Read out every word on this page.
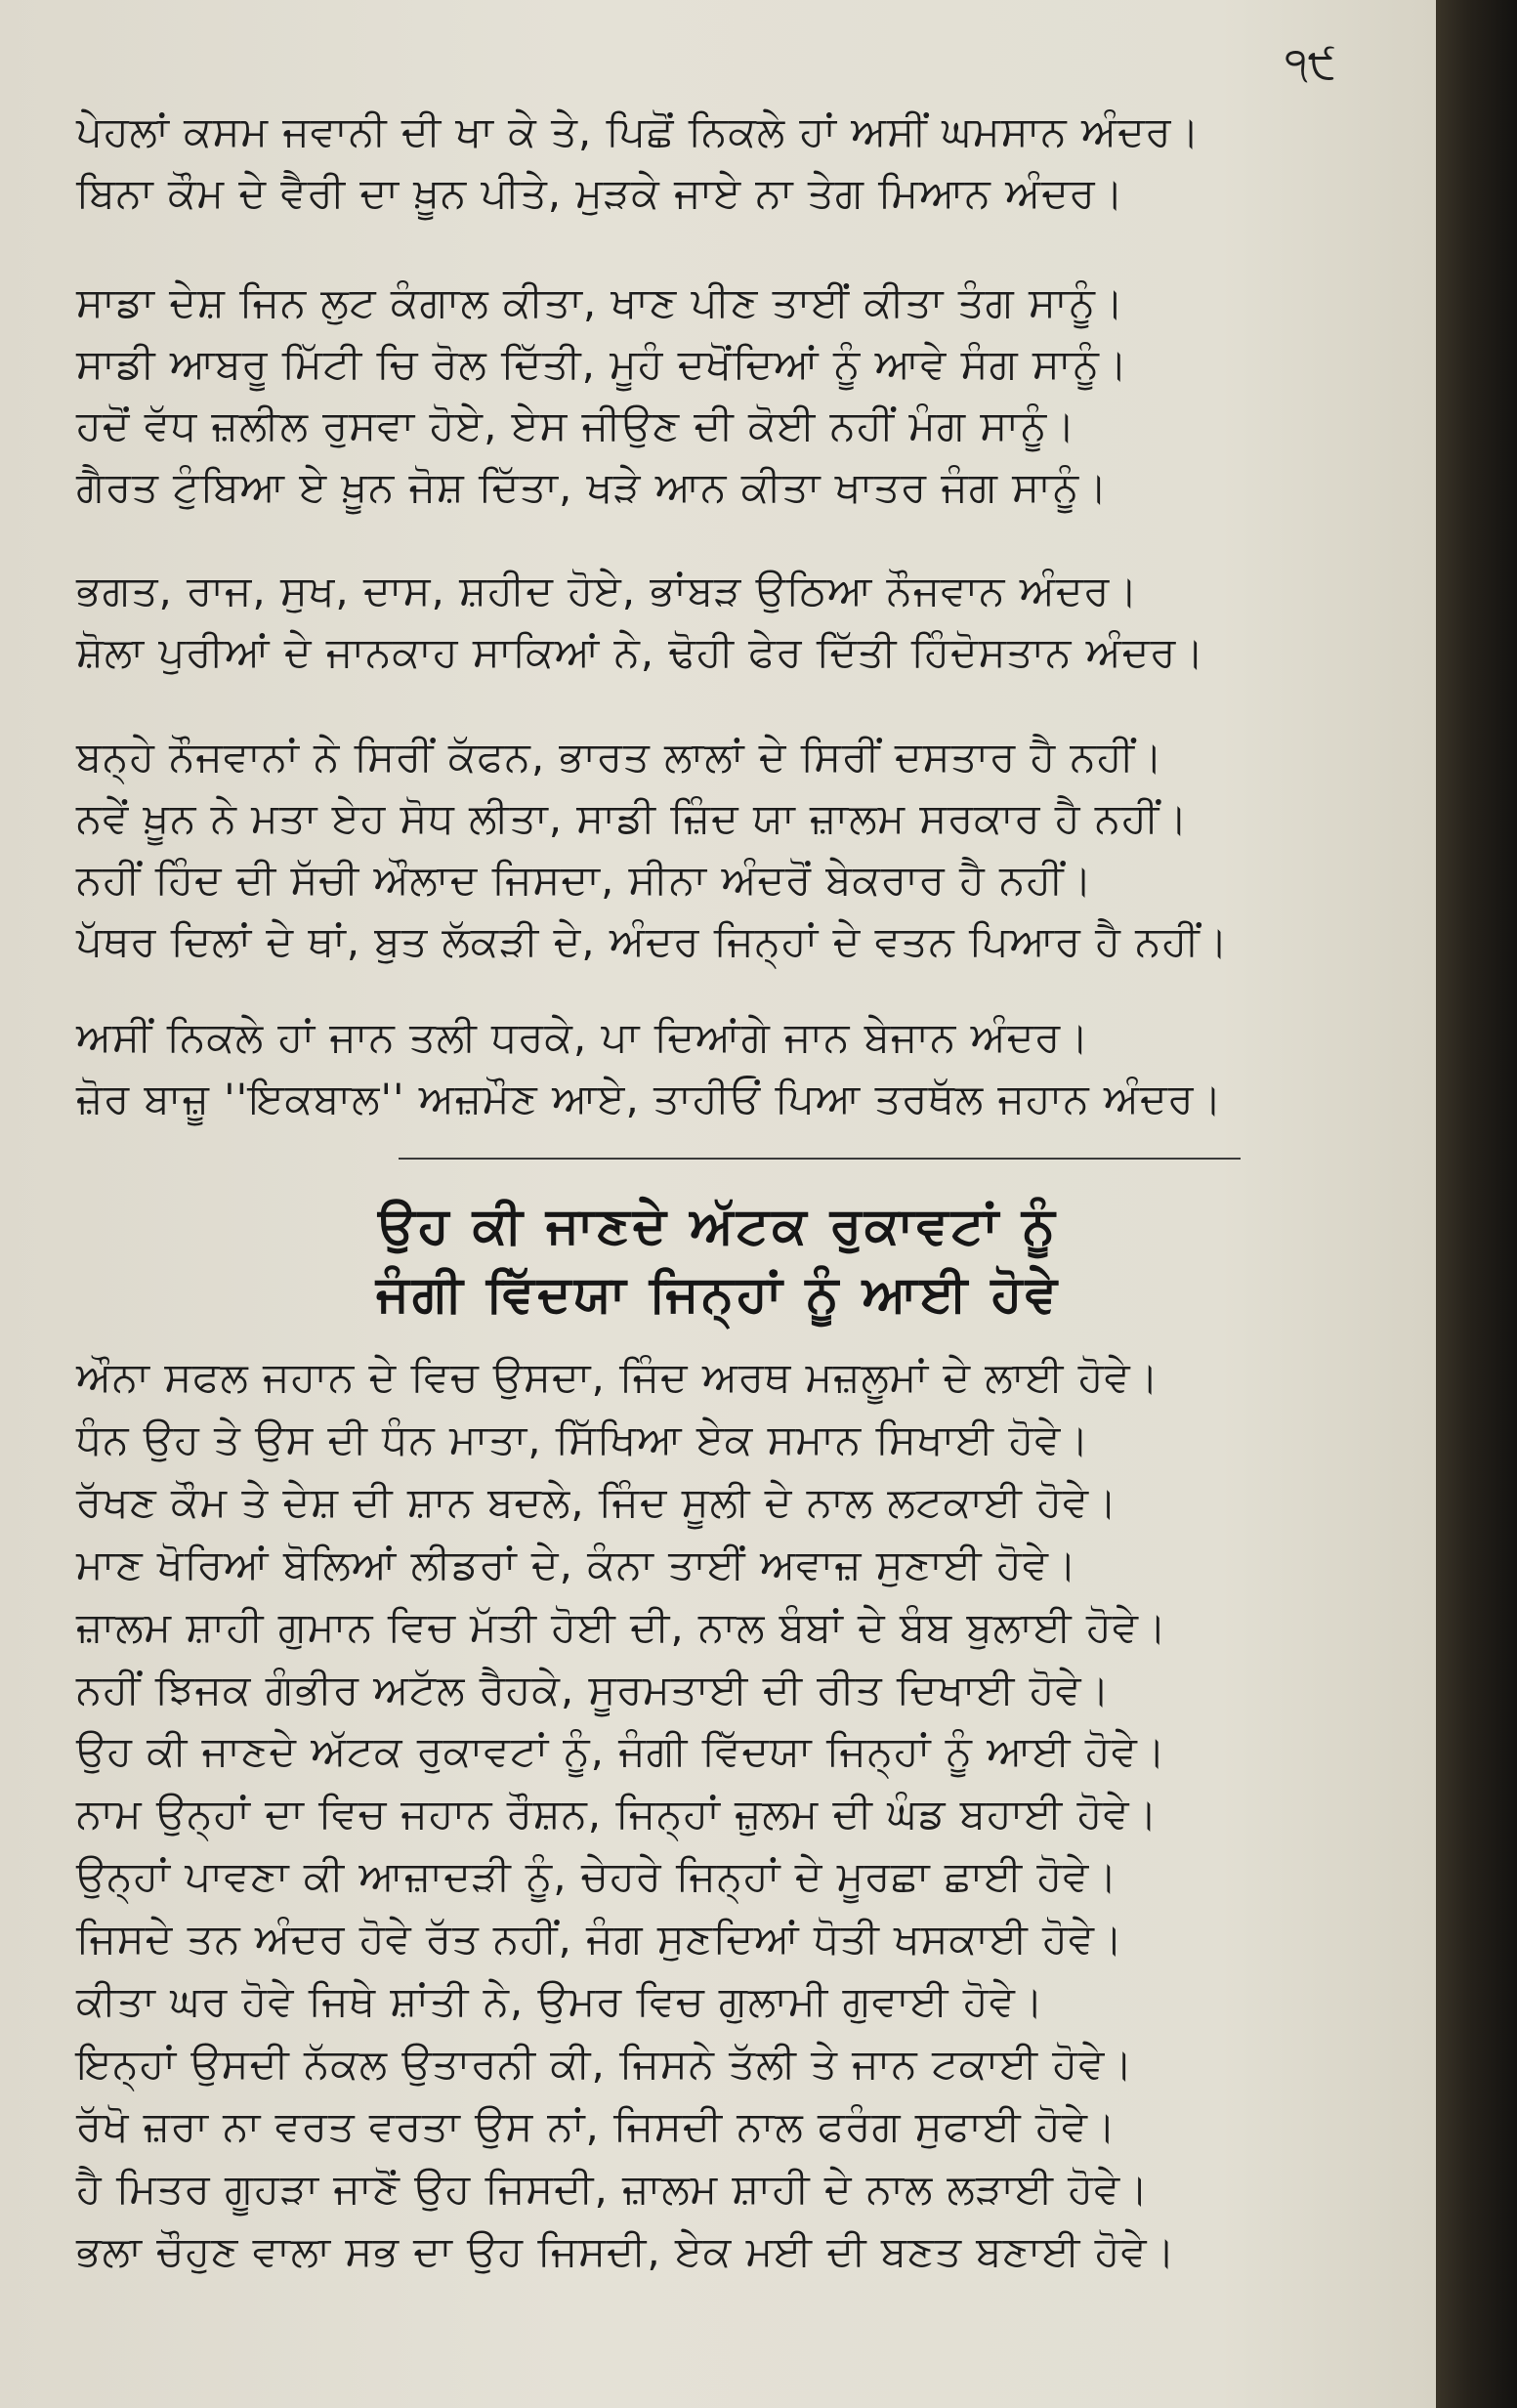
੧੯
ਪੇਹਲਾਂ ਕਸਮ ਜਵਾਨੀ ਦੀ ਖਾ ਕੇ ਤੇ, ਪਿਛੋਂ ਨਿਕਲੇ ਹਾਂ ਅਸੀਂ ਘਮਸਾਨ ਅੰਦਰ।
ਬਿਨਾ ਕੌਮ ਦੇ ਵੈਰੀ ਦਾ ਖ਼ੂਨ ਪੀਤੇ, ਮੁੜਕੇ ਜਾਏ ਨਾ ਤੇਗ ਮਿਆਨ ਅੰਦਰ।
ਸਾਡਾ ਦੇਸ਼ ਜਿਨ ਲੁਟ ਕੰਗਾਲ ਕੀਤਾ, ਖਾਣ ਪੀਣ ਤਾਈਂ ਕੀਤਾ ਤੰਗ ਸਾਨੂੰ।
ਸਾਡੀ ਆਬਰੂ ਮਿੱਟੀ ਚਿ ਰੋਲ ਦਿੱਤੀ, ਮੂਹੰ ਦਖੋਂਦਿਆਂ ਨੂੰ ਆਵੇ ਸੰਗ ਸਾਨੂੰ।
ਹਦੋਂ ਵੱਧ ਜ਼ਲੀਲ ਰੁਸਵਾ ਹੋਏ, ਏਸ ਜੀਉਣ ਦੀ ਕੋਈ ਨਹੀਂ ਮੰਗ ਸਾਨੂੰ।
ਗੈਰਤ ਟੁੰਬਿਆ ਏ ਖ਼ੂਨ ਜੋਸ਼ ਦਿੱਤਾ, ਖੜੇ ਆਨ ਕੀਤਾ ਖਾਤਰ ਜੰਗ ਸਾਨੂੰ।
ਭਗਤ, ਰਾਜ, ਸੁਖ, ਦਾਸ, ਸ਼ਹੀਦ ਹੋਏ, ਭਾਂਬੜ ਉਠਿਆ ਨੌਜਵਾਨ ਅੰਦਰ।
ਸ਼ੋਲਾ ਪੁਰੀਆਂ ਦੇ ਜਾਨਕਾਹ ਸਾਕਿਆਂ ਨੇ, ਢੋਹੀ ਫੇਰ ਦਿੱਤੀ ਹਿੰਦੋਸਤਾਨ ਅੰਦਰ।
ਬਨ੍ਹੇ ਨੌਜਵਾਨਾਂ ਨੇ ਸਿਰੀਂ ਕੱਫਨ, ਭਾਰਤ ਲਾਲਾਂ ਦੇ ਸਿਰੀਂ ਦਸਤਾਰ ਹੈ ਨਹੀਂ।
ਨਵੇਂ ਖ਼ੂਨ ਨੇ ਮਤਾ ਏਹ ਸੋਧ ਲੀਤਾ, ਸਾਡੀ ਜ਼ਿੰਦ ਯਾ ਜ਼ਾਲਮ ਸਰਕਾਰ ਹੈ ਨਹੀਂ।
ਨਹੀਂ ਹਿੰਦ ਦੀ ਸੱਚੀ ਔਲਾਦ ਜਿਸਦਾ, ਸੀਨਾ ਅੰਦਰੋਂ ਬੇਕਰਾਰ ਹੈ ਨਹੀਂ।
ਪੱਥਰ ਦਿਲਾਂ ਦੇ ਥਾਂ, ਬੁਤ ਲੱਕੜੀ ਦੇ, ਅੰਦਰ ਜਿਨ੍ਹਾਂ ਦੇ ਵਤਨ ਪਿਆਰ ਹੈ ਨਹੀਂ।
ਅਸੀਂ ਨਿਕਲੇ ਹਾਂ ਜਾਨ ਤਲੀ ਧਰਕੇ, ਪਾ ਦਿਆਂਗੇ ਜਾਨ ਬੇਜਾਨ ਅੰਦਰ।
ਜ਼ੋਰ ਬਾਜ਼ੂ ''ਇਕਬਾਲ'' ਅਜ਼ਮੌਣ ਆਏ, ਤਾਹੀਓਂ ਪਿਆ ਤਰਥੱਲ ਜਹਾਨ ਅੰਦਰ।
ਉਹ ਕੀ ਜਾਣਦੇ ਅੱਟਕ ਰੁਕਾਵਟਾਂ ਨੂੰ
ਜੰਗੀ ਵਿੱਦਯਾ ਜਿਨ੍ਹਾਂ ਨੂੰ ਆਈ ਹੋਵੇ
ਔਨਾ ਸਫਲ ਜਹਾਨ ਦੇ ਵਿਚ ਉਸਦਾ, ਜਿੰਦ ਅਰਥ ਮਜ਼ਲੂਮਾਂ ਦੇ ਲਾਈ ਹੋਵੇ।
ਧੰਨ ਉਹ ਤੇ ਉਸ ਦੀ ਧੰਨ ਮਾਤਾ, ਸਿੱਖਿਆ ਏਕ ਸਮਾਨ ਸਿਖਾਈ ਹੋਵੇ।
ਰੱਖਣ ਕੌਮ ਤੇ ਦੇਸ਼ ਦੀ ਸ਼ਾਨ ਬਦਲੇ, ਜਿੰਦ ਸੂਲੀ ਦੇ ਨਾਲ ਲਟਕਾਈ ਹੋਵੇ।
ਮਾਣ ਖੋਰਿਆਂ ਬੋਲਿਆਂ ਲੀਡਰਾਂ ਦੇ, ਕੰਨਾ ਤਾਈਂ ਅਵਾਜ਼ ਸੁਣਾਈ ਹੋਵੇ।
ਜ਼ਾਲਮ ਸ਼ਾਹੀ ਗੁਮਾਨ ਵਿਚ ਮੱਤੀ ਹੋਈ ਦੀ, ਨਾਲ ਬੰਬਾਂ ਦੇ ਬੰਬ ਬੁਲਾਈ ਹੋਵੇ।
ਨਹੀਂ ਝਿਜਕ ਗੰਭੀਰ ਅਟੱਲ ਰੈਹਕੇ, ਸੂਰਮਤਾਈ ਦੀ ਰੀਤ ਦਿਖਾਈ ਹੋਵੇ।
ਉਹ ਕੀ ਜਾਣਦੇ ਅੱਟਕ ਰੁਕਾਵਟਾਂ ਨੂੰ, ਜੰਗੀ ਵਿੱਦਯਾ ਜਿਨ੍ਹਾਂ ਨੂੰ ਆਈ ਹੋਵੇ।
ਨਾਮ ਉਨ੍ਹਾਂ ਦਾ ਵਿਚ ਜਹਾਨ ਰੌਸ਼ਨ, ਜਿਨ੍ਹਾਂ ਜ਼ੁਲਮ ਦੀ ਘੰਡ ਬਹਾਈ ਹੋਵੇ।
ਉਨ੍ਹਾਂ ਪਾਵਣਾ ਕੀ ਆਜ਼ਾਦੜੀ ਨੂੰ, ਚੇਹਰੇ ਜਿਨ੍ਹਾਂ ਦੇ ਮੂਰਛਾ ਛਾਈ ਹੋਵੇ।
ਜਿਸਦੇ ਤਨ ਅੰਦਰ ਹੋਵੇ ਰੱਤ ਨਹੀਂ, ਜੰਗ ਸੁਣਦਿਆਂ ਧੋਤੀ ਖਸਕਾਈ ਹੋਵੇ।
ਕੀਤਾ ਘਰ ਹੋਵੇ ਜਿਥੇ ਸ਼ਾਂਤੀ ਨੇ, ਉਮਰ ਵਿਚ ਗੁਲਾਮੀ ਗੁਵਾਈ ਹੋਵੇ।
ਇਨ੍ਹਾਂ ਉਸਦੀ ਨੱਕਲ ਉਤਾਰਨੀ ਕੀ, ਜਿਸਨੇ ਤੱਲੀ ਤੇ ਜਾਨ ਟਕਾਈ ਹੋਵੇ।
ਰੱਖੋ ਜ਼ਰਾ ਨਾ ਵਰਤ ਵਰਤਾ ਉਸ ਨਾਂ, ਜਿਸਦੀ ਨਾਲ ਫਰੰਗ ਸੁਫਾਈ ਹੋਵੇ।
ਹੈ ਮਿਤਰ ਗੂਹੜਾ ਜਾਣੋਂ ਉਹ ਜਿਸਦੀ, ਜ਼ਾਲਮ ਸ਼ਾਹੀ ਦੇ ਨਾਲ ਲੜਾਈ ਹੋਵੇ।
ਭਲਾ ਚੌਹੁਣ ਵਾਲਾ ਸਭ ਦਾ ਉਹ ਜਿਸਦੀ, ਏਕ ਮਈ ਦੀ ਬਣਤ ਬਣਾਈ ਹੋਵੇ।
